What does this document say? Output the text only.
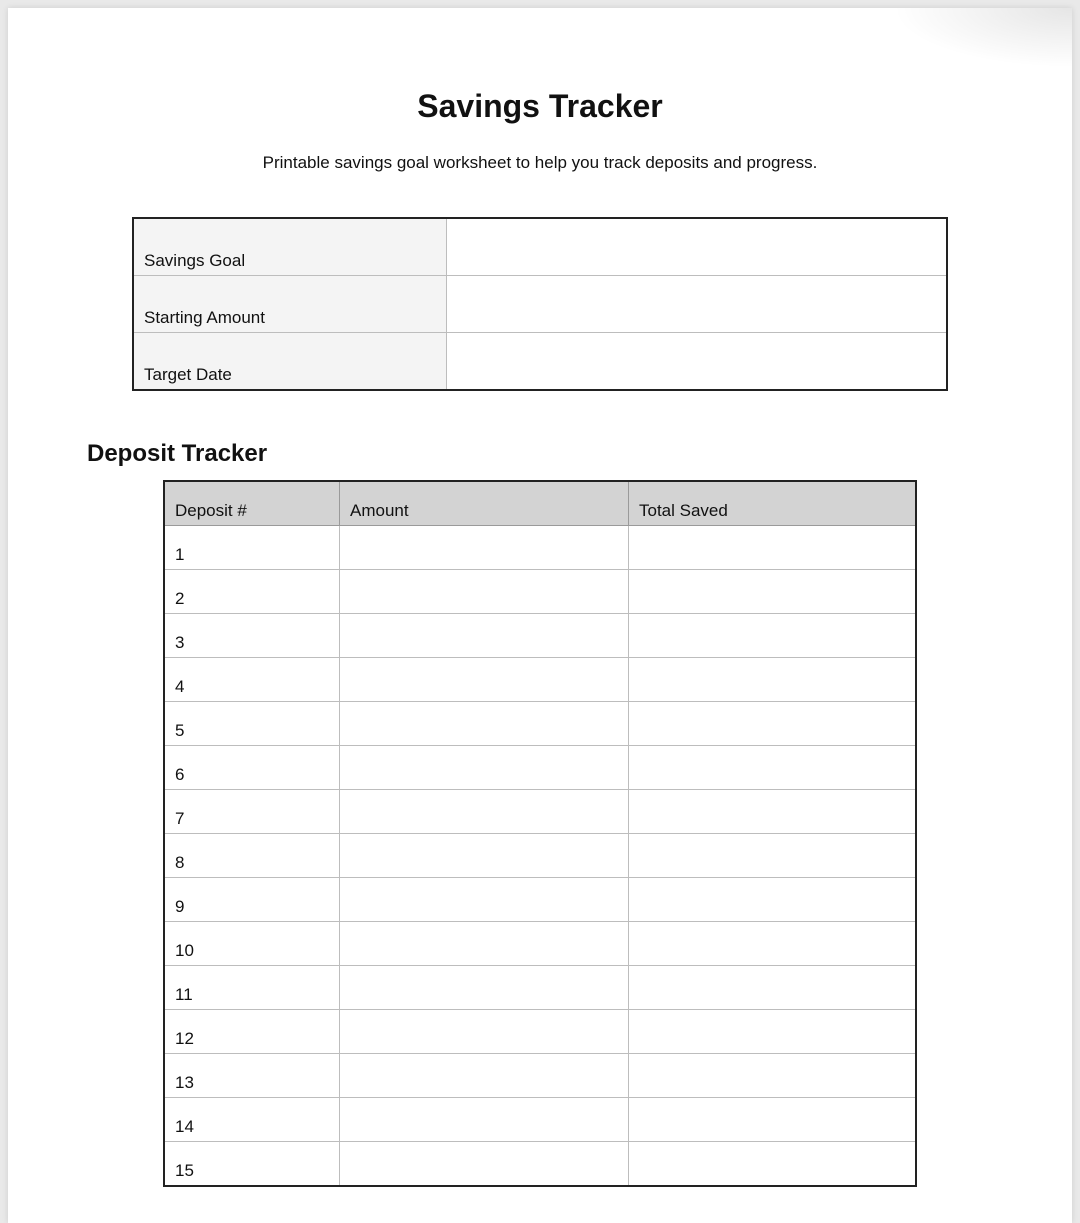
Savings Tracker

Printable savings goal worksheet to help you track deposits and progress.

Savings Goal
Starting Amount
Target Date
Deposit Tracker
Deposit #	Amount	Total Saved
1
2
3
4
5
6
7
8
9
10
11
12
13
14
15
